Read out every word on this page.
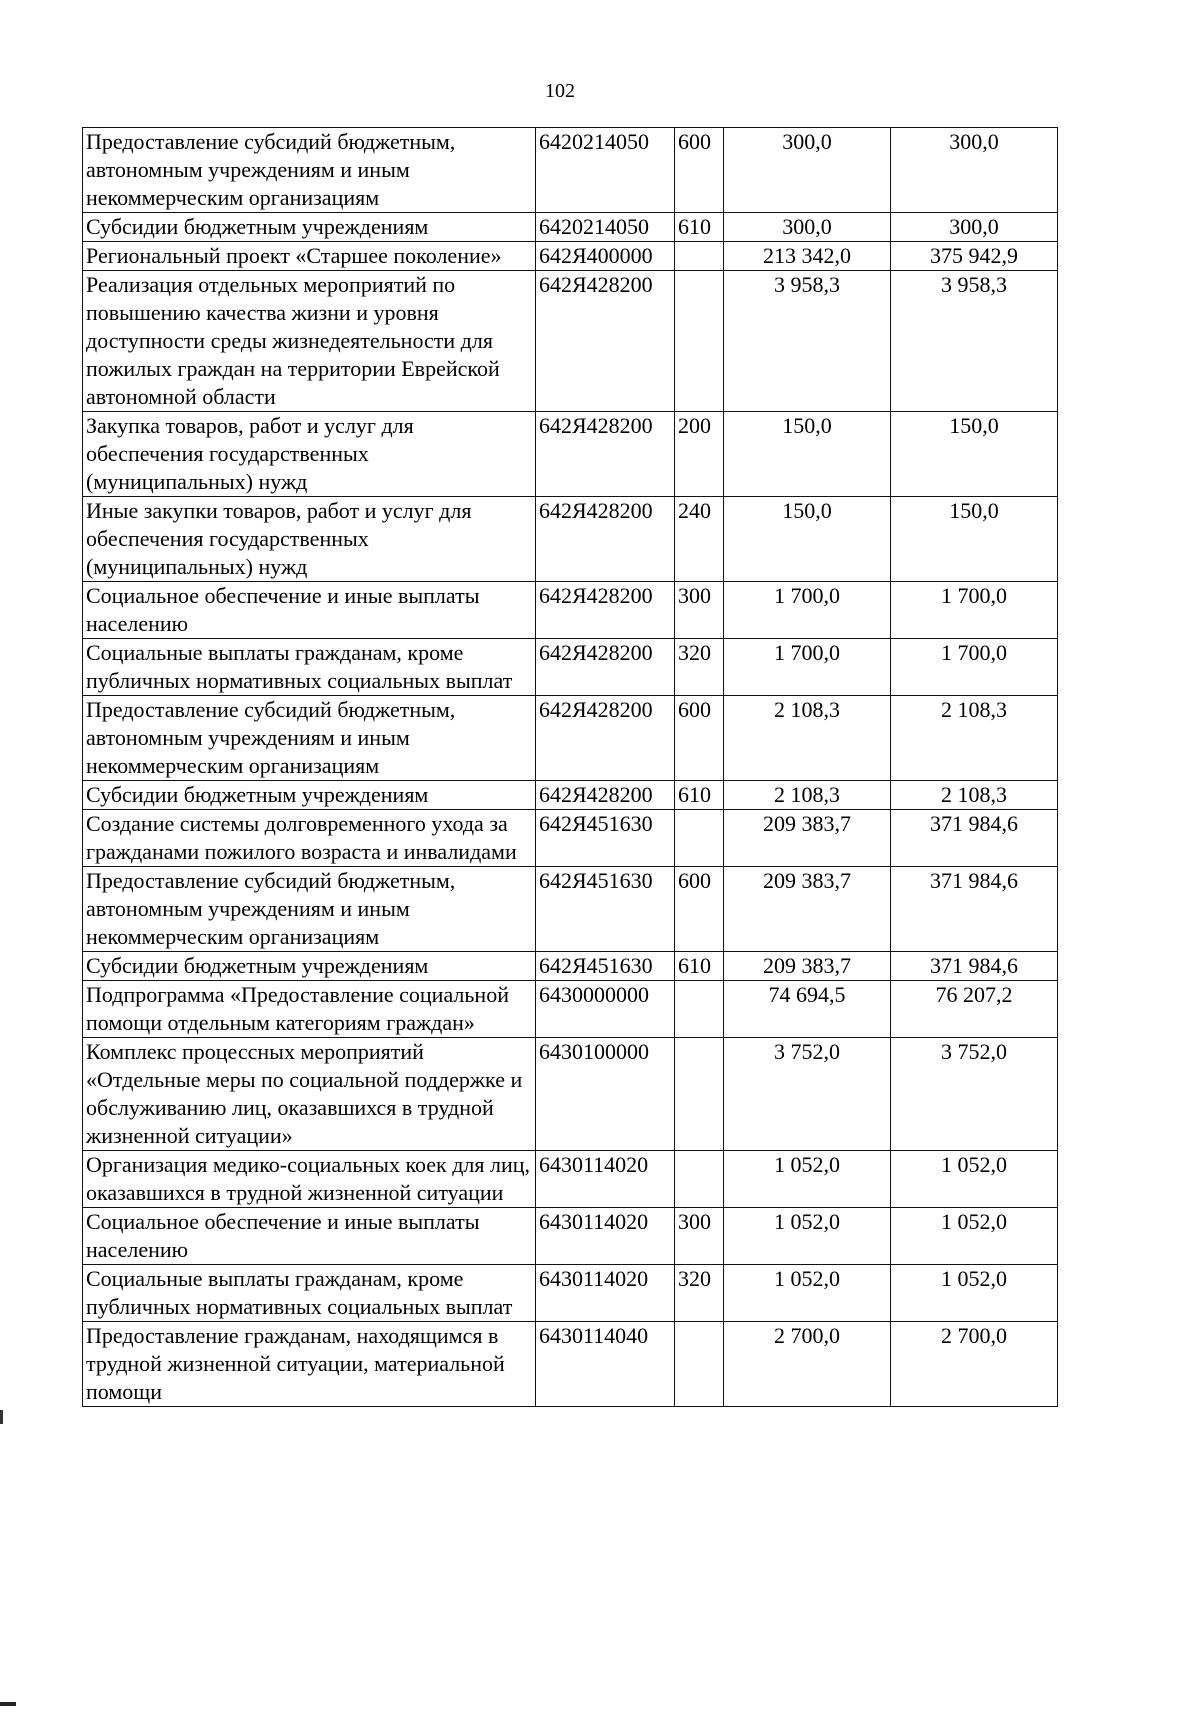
102
Предоставление субсидий бюджетным, автономным учреждениям и иным некоммерческим организациям	6420214050	600	300,0	300,0
Субсидии бюджетным учреждениям	6420214050	610	300,0	300,0
Региональный проект «Старшее поколение»	642Я400000		213 342,0	375 942,9
Реализация отдельных мероприятий по повышению качества жизни и уровня доступности среды жизнедеятельности для пожилых граждан на территории Еврейской автономной области	642Я428200		3 958,3	3 958,3
Закупка товаров, работ и услуг для обеспечения государственных (муниципальных) нужд	642Я428200	200	150,0	150,0
Иные закупки товаров, работ и услуг для обеспечения государственных (муниципальных) нужд	642Я428200	240	150,0	150,0
Социальное обеспечение и иные выплаты населению	642Я428200	300	1 700,0	1 700,0
Социальные выплаты гражданам, кроме публичных нормативных социальных выплат	642Я428200	320	1 700,0	1 700,0
Предоставление субсидий бюджетным, автономным учреждениям и иным некоммерческим организациям	642Я428200	600	2 108,3	2 108,3
Субсидии бюджетным учреждениям	642Я428200	610	2 108,3	2 108,3
Создание системы долговременного ухода за гражданами пожилого возраста и инвалидами	642Я451630		209 383,7	371 984,6
Предоставление субсидий бюджетным, автономным учреждениям и иным некоммерческим организациям	642Я451630	600	209 383,7	371 984,6
Субсидии бюджетным учреждениям	642Я451630	610	209 383,7	371 984,6
Подпрограмма «Предоставление социальной помощи отдельным категориям граждан»	6430000000		74 694,5	76 207,2
Комплекс процессных мероприятий «Отдельные меры по социальной поддержке и обслуживанию лиц, оказавшихся в трудной жизненной ситуации»	6430100000		3 752,0	3 752,0
Организация медико-социальных коек для лиц, оказавшихся в трудной жизненной ситуации	6430114020		1 052,0	1 052,0
Социальное обеспечение и иные выплаты населению	6430114020	300	1 052,0	1 052,0
Социальные выплаты гражданам, кроме публичных нормативных социальных выплат	6430114020	320	1 052,0	1 052,0
Предоставление гражданам, находящимся в трудной жизненной ситуации, материальной помощи	6430114040		2 700,0	2 700,0
